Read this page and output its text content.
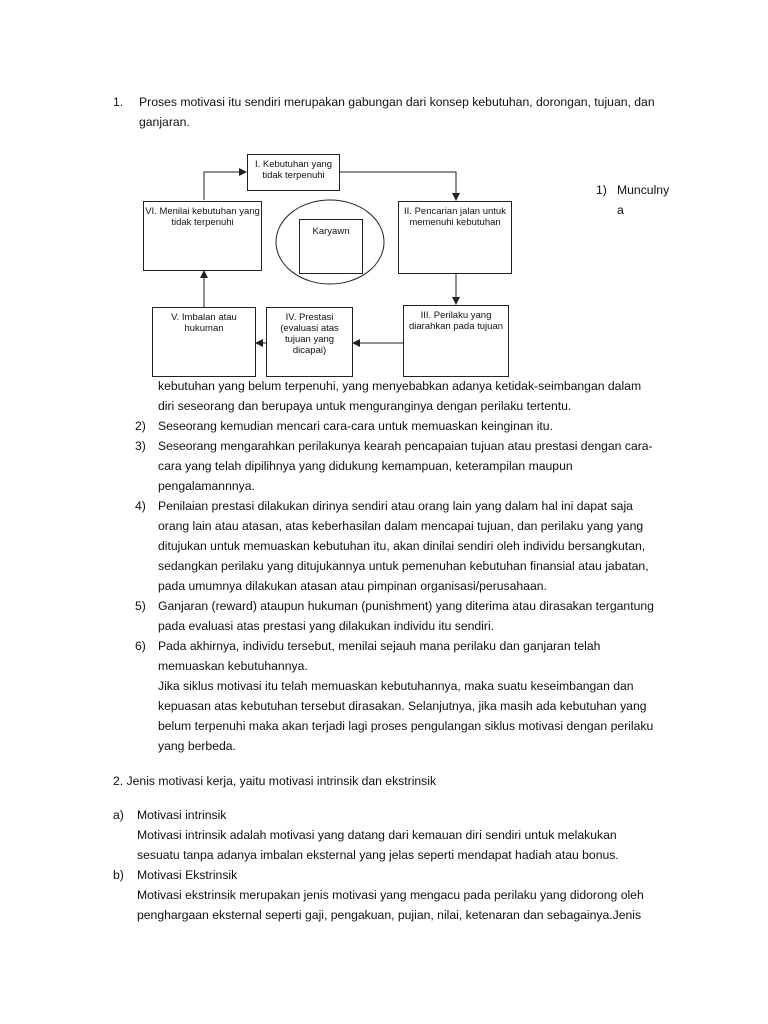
1. Proses motivasi itu sendiri merupakan gabungan dari konsep kebutuhan, dorongan, tujuan, dan
ganjaran.
I. Kebutuhan yang tidak terpenuhi
II. Pencarian jalan untuk memenuhi kebutuhan
III. Perilaku yang diarahkan pada tujuan
IV. Prestasi (evaluasi atas tujuan yang dicapai)
V. Imbalan atau hukuman
VI. Menilai kebutuhan yang tidak terpenuhi
Karyawn
1) Munculny
a
kebutuhan yang belum terpenuhi, yang menyebabkan adanya ketidak-seimbangan dalam
diri seseorang dan berupaya untuk menguranginya dengan perilaku tertentu.
2) Seseorang kemudian mencari cara-cara untuk memuaskan keinginan itu.
3) Seseorang mengarahkan perilakunya kearah pencapaian tujuan atau prestasi dengan cara-
cara yang telah dipilihnya yang didukung kemampuan, keterampilan maupun
pengalamannnya.
4) Penilaian prestasi dilakukan dirinya sendiri atau orang lain yang dalam hal ini dapat saja
orang lain atau atasan, atas keberhasilan dalam mencapai tujuan, dan perilaku yang yang
ditujukan untuk memuaskan kebutuhan itu, akan dinilai sendiri oleh individu bersangkutan,
sedangkan perilaku yang ditujukannya untuk pemenuhan kebutuhan finansial atau jabatan,
pada umumnya dilakukan atasan atau pimpinan organisasi/perusahaan.
5) Ganjaran (reward) ataupun hukuman (punishment) yang diterima atau dirasakan tergantung
pada evaluasi atas prestasi yang dilakukan individu itu sendiri.
6) Pada akhirnya, individu tersebut, menilai sejauh mana perilaku dan ganjaran telah
memuaskan kebutuhannya.
Jika siklus motivasi itu telah memuaskan kebutuhannya, maka suatu keseimbangan dan
kepuasan atas kebutuhan tersebut dirasakan. Selanjutnya, jika masih ada kebutuhan yang
belum terpenuhi maka akan terjadi lagi proses pengulangan siklus motivasi dengan perilaku
yang berbeda.
2. Jenis motivasi kerja, yaitu motivasi intrinsik dan ekstrinsik
a) Motivasi intrinsik
Motivasi intrinsik adalah motivasi yang datang dari kemauan diri sendiri untuk melakukan
sesuatu tanpa adanya imbalan eksternal yang jelas seperti mendapat hadiah atau bonus.
b) Motivasi Ekstrinsik
Motivasi ekstrinsik merupakan jenis motivasi yang mengacu pada perilaku yang didorong oleh
penghargaan eksternal seperti gaji, pengakuan, pujian, nilai, ketenaran dan sebagainya.Jenis
